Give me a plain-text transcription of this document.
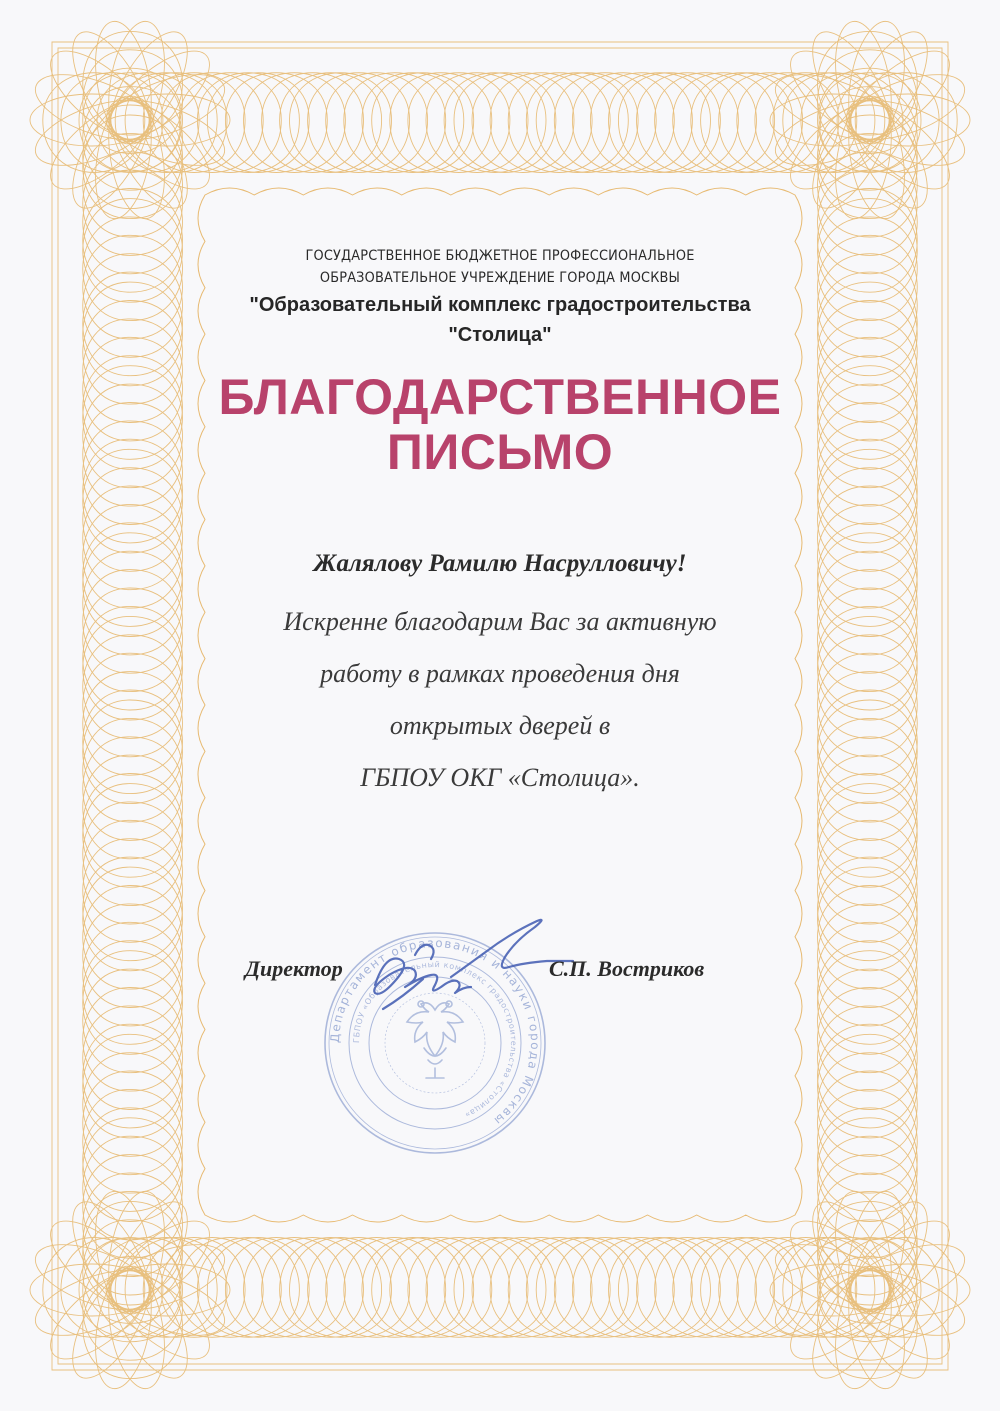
ГОСУДАРСТВЕННОЕ БЮДЖЕТНОЕ ПРОФЕССИОНАЛЬНОЕ

ОБРАЗОВАТЕЛЬНОЕ УЧРЕЖДЕНИЕ ГОРОДА МОСКВЫ

"Образовательный комплекс градостроительства

"Столица"

БЛАГОДАРСТВЕННОЕ

ПИСЬМО

Жалялову Рамилю Насрулловичу!

Искренне благодарим Вас за активную

работу в рамках проведения дня

открытых дверей в

ГБПОУ ОКГ «Столица».

Департамент образования и науки города Москвы
ГБПОУ «Образовательный комплекс градостроительства «Столица»

Директор	С.П. Востриков
